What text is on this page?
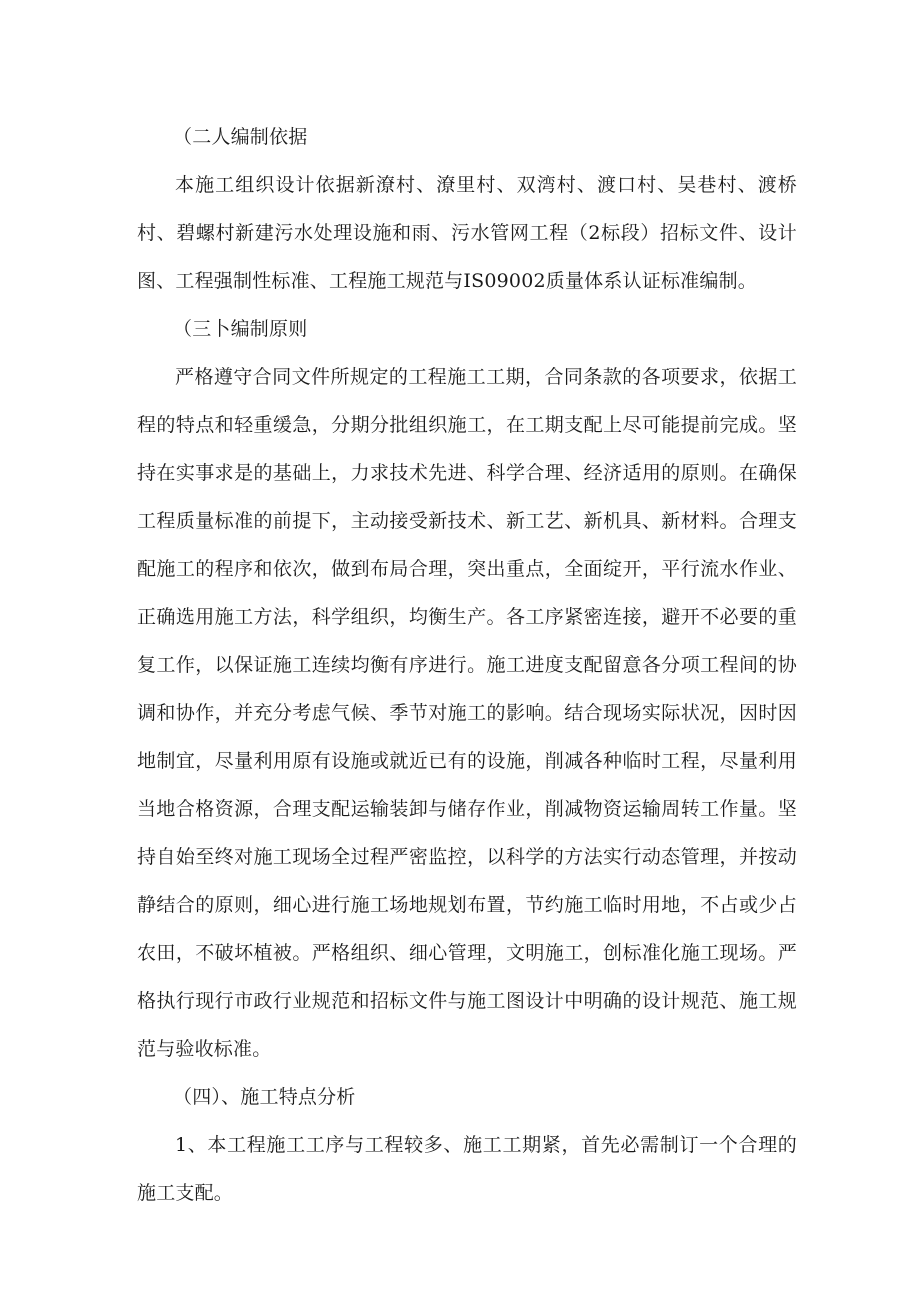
（二人编制依据

本施工组织设计依据新潦村、潦里村、双湾村、渡口村、吴巷村、渡桥村、碧螺村新建污水处理设施和雨、污水管网工程（2标段）招标文件、设计图、工程强制性标准、工程施工规范与IS09002质量体系认证标准编制。

（三卜编制原则

严格遵守合同文件所规定的工程施工工期，合同条款的各项要求，依据工程的特点和轻重缓急，分期分批组织施工，在工期支配上尽可能提前完成。坚持在实事求是的基础上，力求技术先进、科学合理、经济适用的原则。在确保工程质量标准的前提下，主动接受新技术、新工艺、新机具、新材料。合理支配施工的程序和依次，做到布局合理，突出重点，全面绽开，平行流水作业、正确选用施工方法，科学组织，均衡生产。各工序紧密连接，避开不必要的重复工作，以保证施工连续均衡有序进行。施工进度支配留意各分项工程间的协调和协作，并充分考虑气候、季节对施工的影响。结合现场实际状况，因时因地制宜，尽量利用原有设施或就近已有的设施，削减各种临时工程，尽量利用当地合格资源，合理支配运输装卸与储存作业，削减物资运输周转工作量。坚持自始至终对施工现场全过程严密监控，以科学的方法实行动态管理，并按动静结合的原则，细心进行施工场地规划布置，节约施工临时用地，不占或少占农田，不破坏植被。严格组织、细心管理，文明施工，创标准化施工现场。严格执行现行市政行业规范和招标文件与施工图设计中明确的设计规范、施工规范与验收标准。

（四）、施工特点分析

1、本工程施工工序与工程较多、施工工期紧，首先必需制订一个合理的施工支配。
